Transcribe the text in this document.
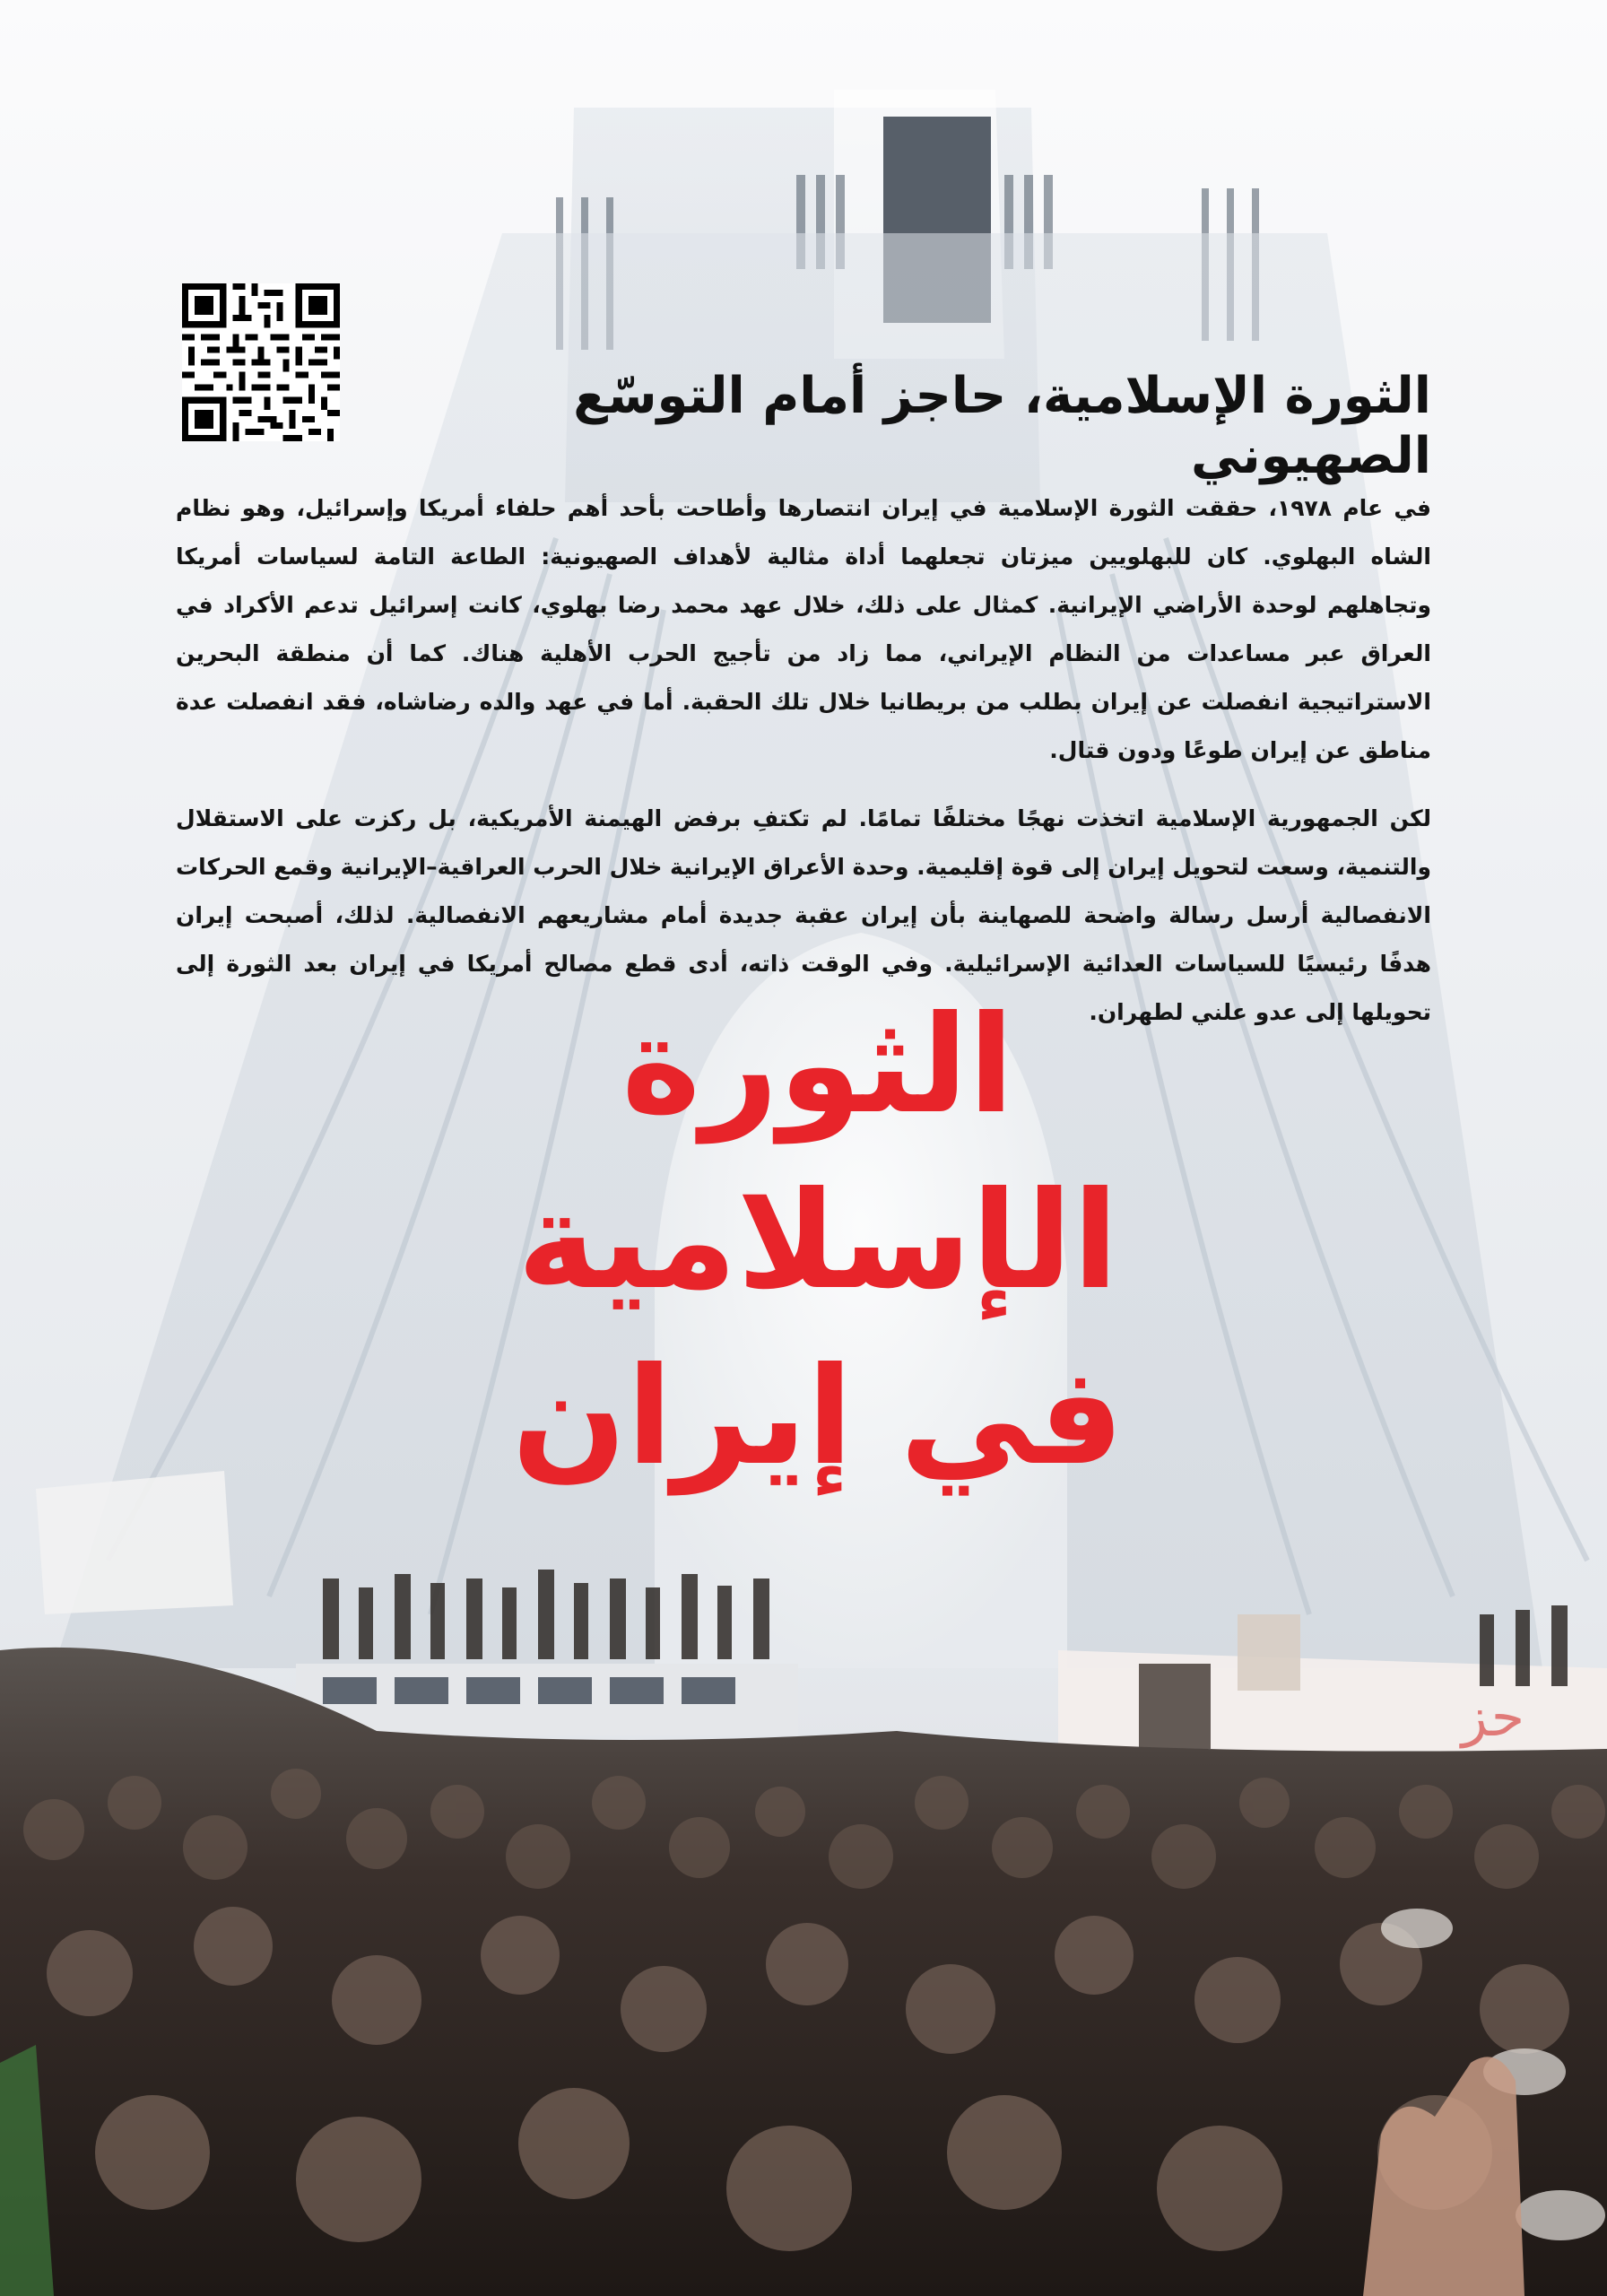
ﺣﺰ
الثورة الإسلامية، حاجز أمام التوسّع الصهيوني

في عام ١٩٧٨، حققت الثورة الإسلامية في إيران انتصارها وأطاحت بأحد أهم حلفاء أمريكا وإسرائيل، وهو نظام الشاه البهلوي. كان للبهلويين ميزتان تجعلهما أداة مثالية لأهداف الصهيونية: الطاعة التامة لسياسات أمريكا وتجاهلهم لوحدة الأراضي الإيرانية. كمثال على ذلك، خلال عهد محمد رضا بهلوي، كانت إسرائيل تدعم الأكراد في العراق عبر مساعدات من النظام الإيراني، مما زاد من تأجيج الحرب الأهلية هناك. كما أن منطقة البحرين الاستراتيجية انفصلت عن إيران بطلب من بريطانيا خلال تلك الحقبة. أما في عهد والده رضاشاه، فقد انفصلت عدة مناطق عن إيران طوعًا ودون قتال.

لكن الجمهورية الإسلامية اتخذت نهجًا مختلفًا تمامًا. لم تكتفِ برفض الهيمنة الأمريكية، بل ركزت على الاستقلال والتنمية، وسعت لتحويل إيران إلى قوة إقليمية. وحدة الأعراق الإيرانية خلال الحرب العراقية–الإيرانية وقمع الحركات الانفصالية أرسل رسالة واضحة للصهاينة بأن إيران عقبة جديدة أمام مشاريعهم الانفصالية. لذلك، أصبحت إيران هدفًا رئيسيًا للسياسات العدائية الإسرائيلية. وفي الوقت ذاته، أدى قطع مصالح أمريكا في إيران بعد الثورة إلى تحويلها إلى عدو علني لطهران.

الثورة
الإسلامية
في إيران
